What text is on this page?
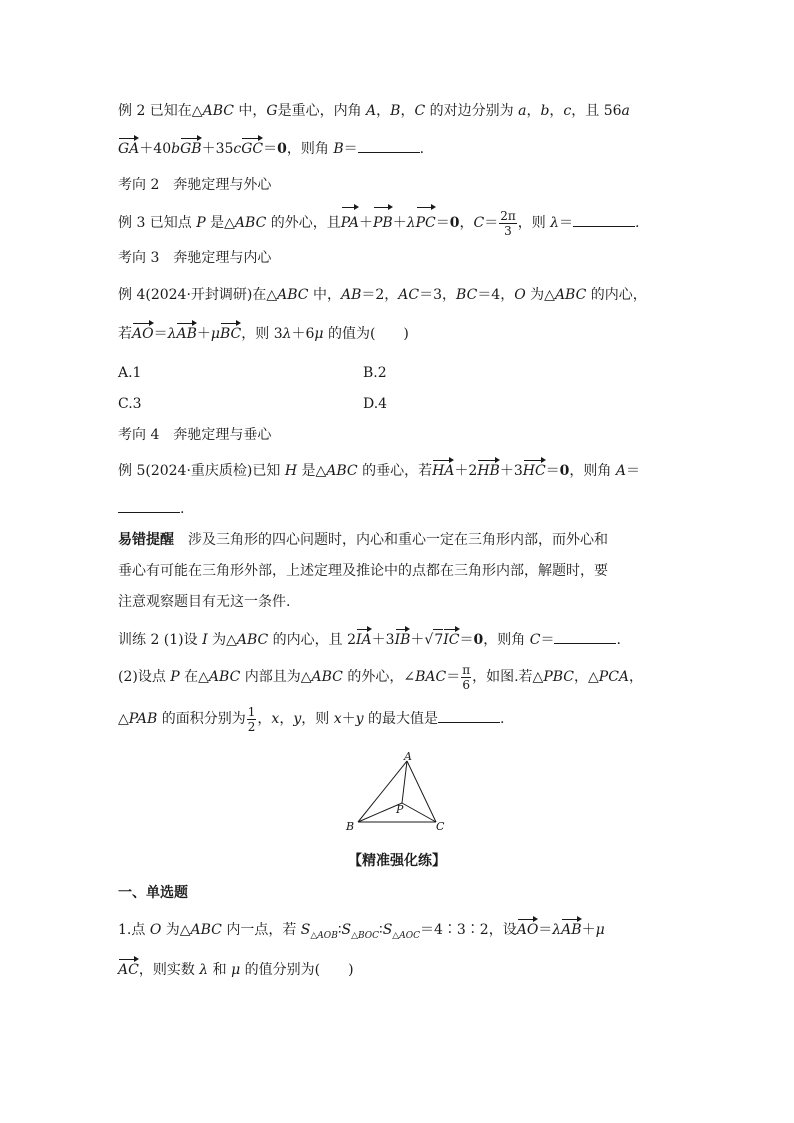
例 2 已知在△ABC 中，G是重心，内角 A，B，C 的对边分别为 a，b，c，且 56a
GA＋40bGB＋35cGC＝0，则角 B＝	.
考向 2　 奔驰定理与外心
例 3 已知点 P 是△ABC 的外心，且PA＋PB＋λPC＝0，$C= \frac{2\pi}{3}$ ，则 λ＝	.
考向 3　 奔驰定理与内心
例 4(2024·开封调研)在△ABC 中，AB＝2，AC＝3，BC＝4，O 为△ABC 的内心，
若AO＝λAB＋μBC，则 3λ＋6μ 的值为(　　)
A.1	B.2
C.3	D.4
考向 4　 奔驰定理与垂心
例 5(2024·重庆质检)已知 H 是△ABC 的垂心，若HA＋2HB＋3HC＝0，则角 A＝
.
易错提醒　涉及三角形的四心问题时，内心和重心一定在三角形内部，而外心和
垂心有可能在三角形外部，上述定理及推论中的点都在三角形内部，解题时，要
注意观察题目有无这一条件.
训练 2 (1)设 I 为△ABC 的内心，且 2IA＋3IB＋√7IC＝0，则角 C＝	.
(2)设点 P 在△ABC 内部且为△ABC 的外心，∠BAC＝ $\frac{\pi}{6}$ ，如图.若△PBC，△PCA，
△PAB 的面积分别为 $\frac{1}{2}$ ，x，y，则 x＋y 的最大值是	.
A
B	C
P
【精准强化练】
一、单选题
1.点 O 为△ABC 内一点，若 $S_{\triangle AOB}∶S_{\triangle BOC}∶S_{\triangle AOC}=4∶3∶2$，设AO＝λAB＋μ
AC，则实数 λ 和 μ 的值分别为(　　)
